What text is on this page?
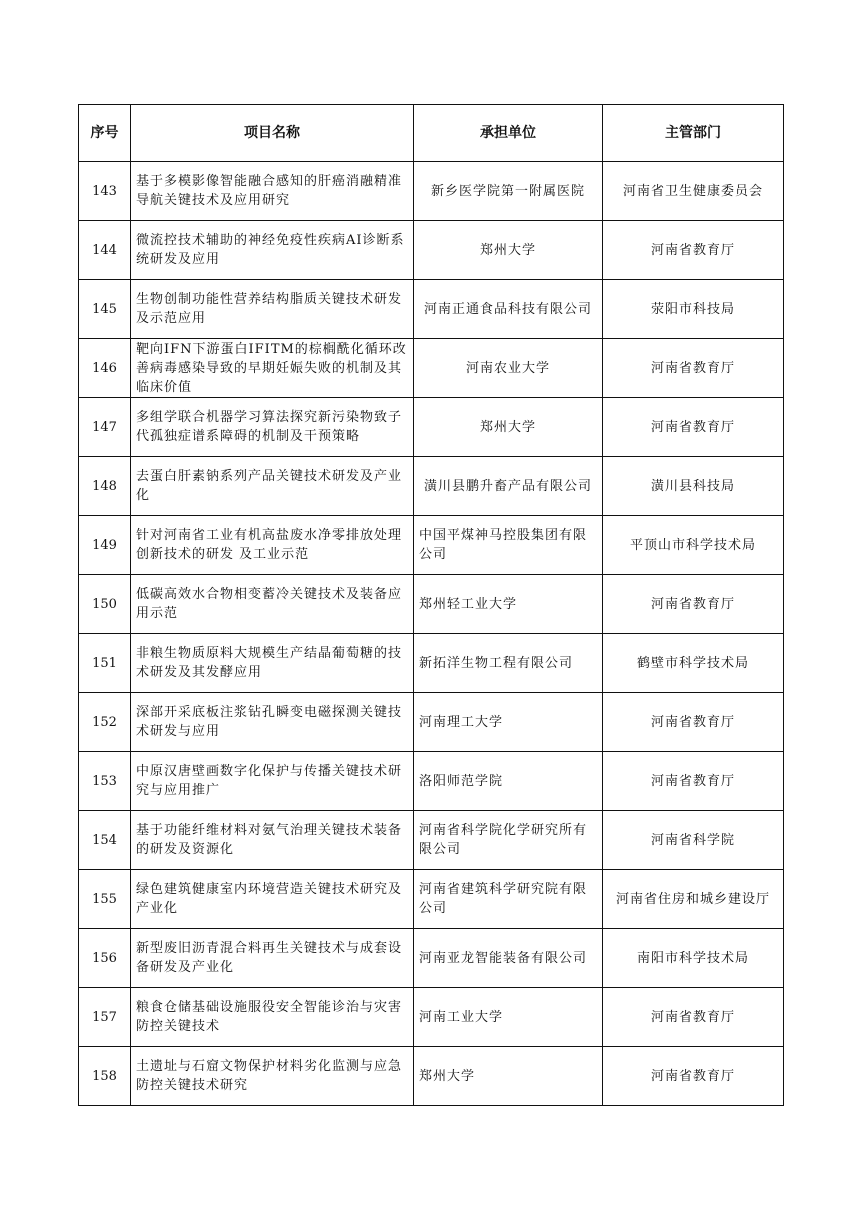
序号	项目名称	承担单位	主管部门
143	基于多模影像智能融合感知的肝癌消融精准导航关键技术及应用研究	新乡医学院第一附属医院	河南省卫生健康委员会
144	微流控技术辅助的神经免疫性疾病AI诊断系统研发及应用	郑州大学	河南省教育厅
145	生物创制功能性营养结构脂质关键技术研发及示范应用	河南正通食品科技有限公司	荥阳市科技局
146	靶向IFN下游蛋白IFITM的棕榈酰化循环改善病毒感染导致的早期妊娠失败的机制及其临床价值	河南农业大学	河南省教育厅
147	多组学联合机器学习算法探究新污染物致子代孤独症谱系障碍的机制及干预策略	郑州大学	河南省教育厅
148	去蛋白肝素钠系列产品关键技术研发及产业化	潢川县鹏升畜产品有限公司	潢川县科技局
149	针对河南省工业有机高盐废水净零排放处理创新技术的研发 及工业示范	中国平煤神马控股集团有限公司	平顶山市科学技术局
150	低碳高效水合物相变蓄冷关键技术及装备应用示范	郑州轻工业大学	河南省教育厅
151	非粮生物质原料大规模生产结晶葡萄糖的技术研发及其发酵应用	新拓洋生物工程有限公司	鹤壁市科学技术局
152	深部开采底板注浆钻孔瞬变电磁探测关键技术研发与应用	河南理工大学	河南省教育厅
153	中原汉唐壁画数字化保护与传播关键技术研究与应用推广	洛阳师范学院	河南省教育厅
154	基于功能纤维材料对氨气治理关键技术装备的研发及资源化	河南省科学院化学研究所有限公司	河南省科学院
155	绿色建筑健康室内环境营造关键技术研究及产业化	河南省建筑科学研究院有限公司	河南省住房和城乡建设厅
156	新型废旧沥青混合料再生关键技术与成套设备研发及产业化	河南亚龙智能装备有限公司	南阳市科学技术局
157	粮食仓储基础设施服役安全智能诊治与灾害防控关键技术	河南工业大学	河南省教育厅
158	土遗址与石窟文物保护材料劣化监测与应急防控关键技术研究	郑州大学	河南省教育厅
